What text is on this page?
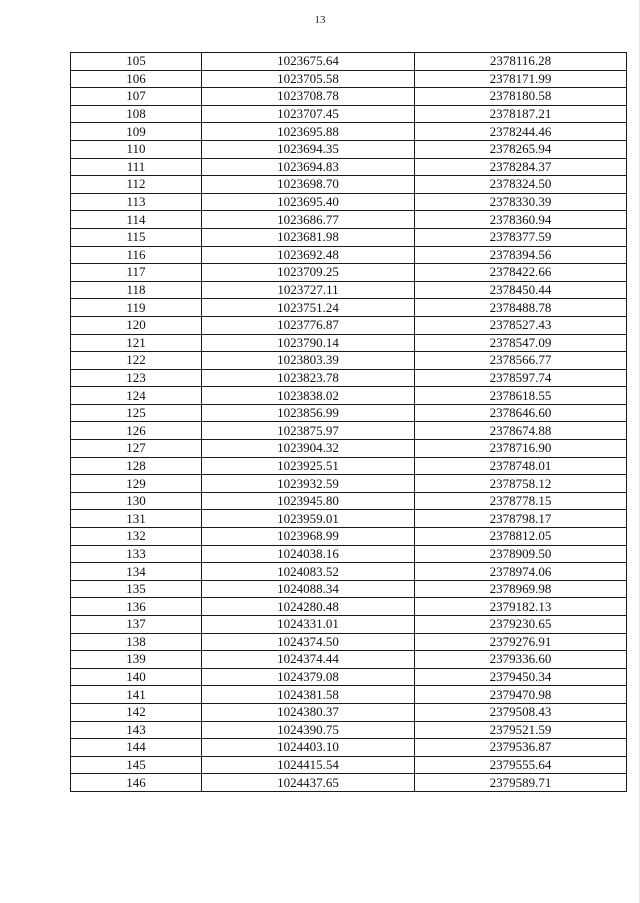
13
105	1023675.64	2378116.28
106	1023705.58	2378171.99
107	1023708.78	2378180.58
108	1023707.45	2378187.21
109	1023695.88	2378244.46
110	1023694.35	2378265.94
111	1023694.83	2378284.37
112	1023698.70	2378324.50
113	1023695.40	2378330.39
114	1023686.77	2378360.94
115	1023681.98	2378377.59
116	1023692.48	2378394.56
117	1023709.25	2378422.66
118	1023727.11	2378450.44
119	1023751.24	2378488.78
120	1023776.87	2378527.43
121	1023790.14	2378547.09
122	1023803.39	2378566.77
123	1023823.78	2378597.74
124	1023838.02	2378618.55
125	1023856.99	2378646.60
126	1023875.97	2378674.88
127	1023904.32	2378716.90
128	1023925.51	2378748.01
129	1023932.59	2378758.12
130	1023945.80	2378778.15
131	1023959.01	2378798.17
132	1023968.99	2378812.05
133	1024038.16	2378909.50
134	1024083.52	2378974.06
135	1024088.34	2378969.98
136	1024280.48	2379182.13
137	1024331.01	2379230.65
138	1024374.50	2379276.91
139	1024374.44	2379336.60
140	1024379.08	2379450.34
141	1024381.58	2379470.98
142	1024380.37	2379508.43
143	1024390.75	2379521.59
144	1024403.10	2379536.87
145	1024415.54	2379555.64
146	1024437.65	2379589.71
